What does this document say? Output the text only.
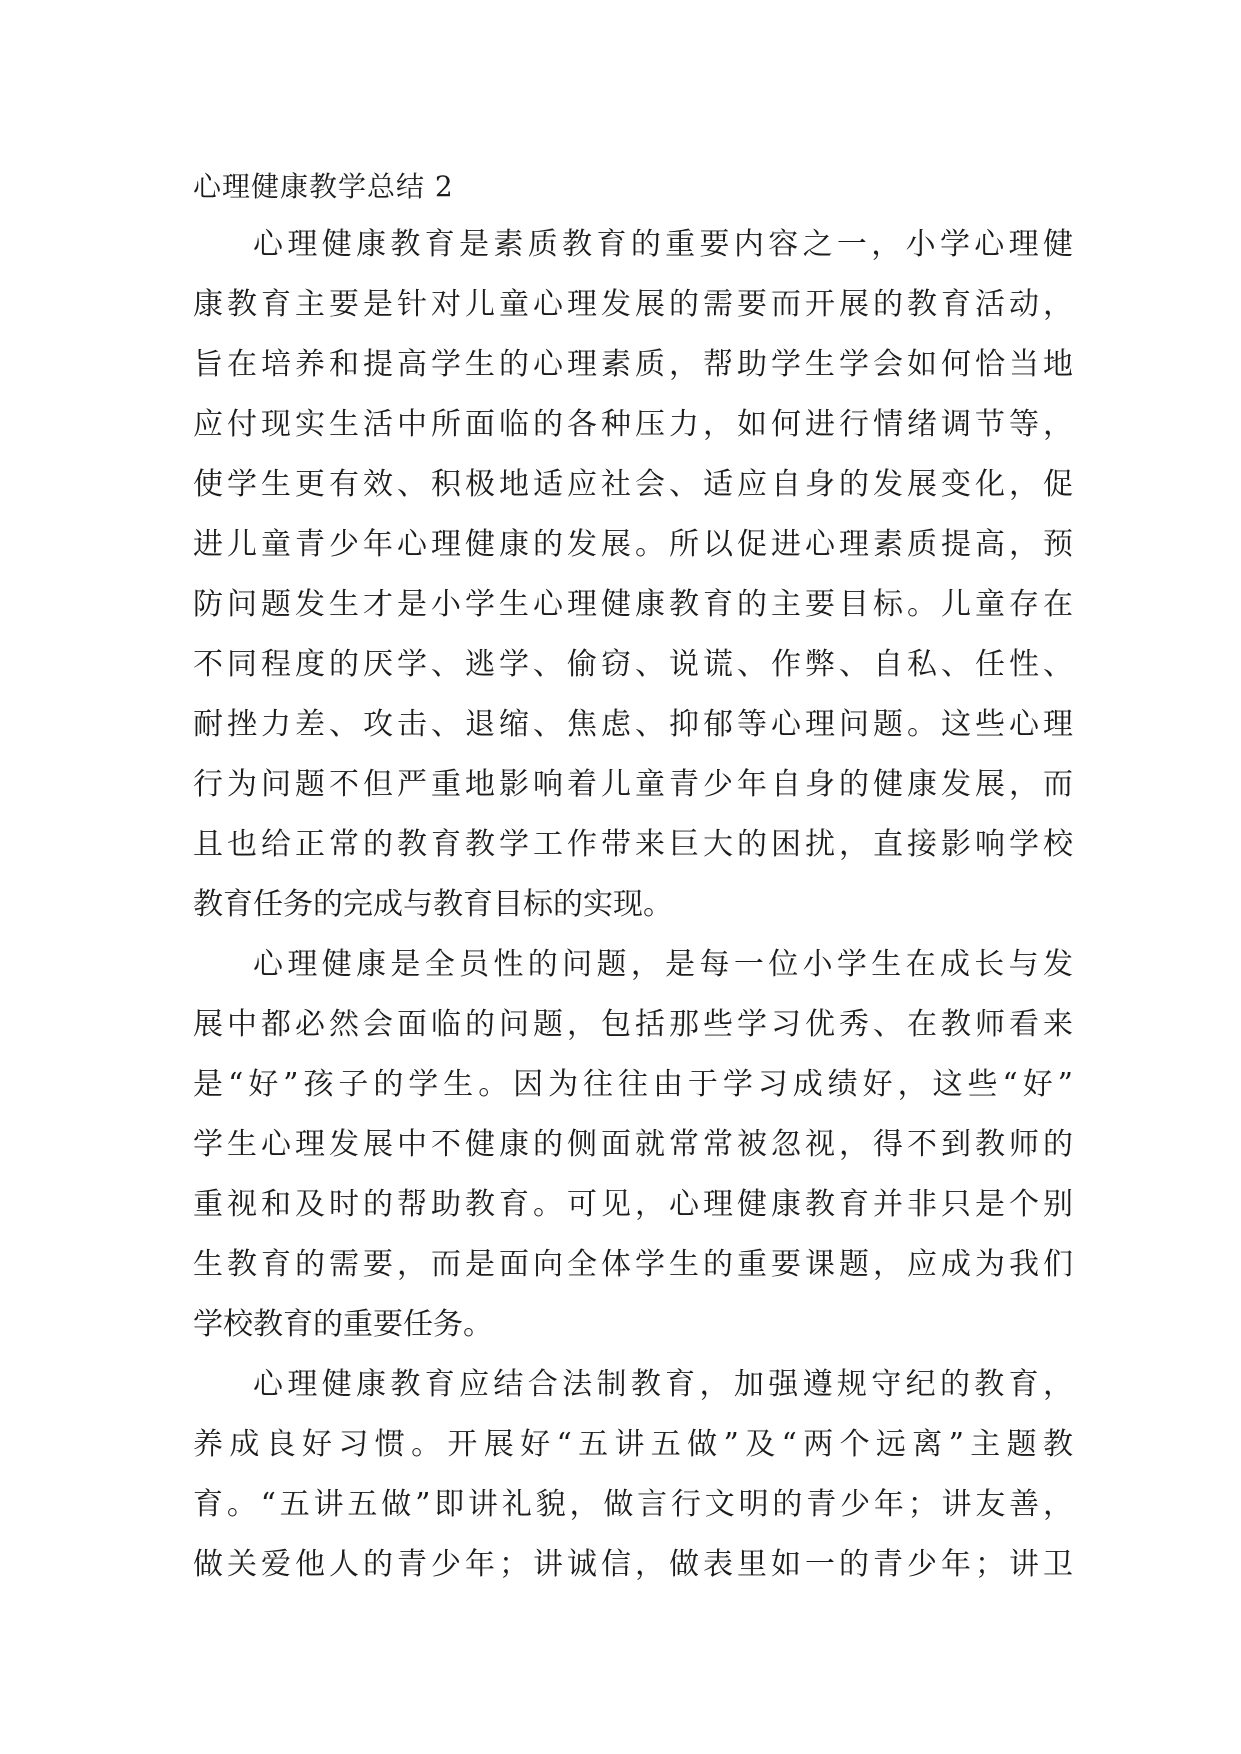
心理健康教学总结 2
心理健康教育是素质教育的重要内容之一，小学心理健
康教育主要是针对儿童心理发展的需要而开展的教育活动，
旨在培养和提高学生的心理素质，帮助学生学会如何恰当地
应付现实生活中所面临的各种压力，如何进行情绪调节等，
使学生更有效、积极地适应社会、适应自身的发展变化，促
进儿童青少年心理健康的发展。所以促进心理素质提高，预
防问题发生才是小学生心理健康教育的主要目标。儿童存在
不同程度的厌学、逃学、偷窃、说谎、作弊、自私、任性、
耐挫力差、攻击、退缩、焦虑、抑郁等心理问题。这些心理
行为问题不但严重地影响着儿童青少年自身的健康发展，而
且也给正常的教育教学工作带来巨大的困扰，直接影响学校
教育任务的完成与教育目标的实现。
心理健康是全员性的问题，是每一位小学生在成长与发
展中都必然会面临的问题，包括那些学习优秀、在教师看来
是“好”孩子的学生。因为往往由于学习成绩好，这些“好”
学生心理发展中不健康的侧面就常常被忽视，得不到教师的
重视和及时的帮助教育。可见，心理健康教育并非只是个别
生教育的需要，而是面向全体学生的重要课题，应成为我们
学校教育的重要任务。
心理健康教育应结合法制教育，加强遵规守纪的教育，
养成良好习惯。开展好“五讲五做”及“两个远离”主题教
育。“五讲五做”即讲礼貌，做言行文明的青少年；讲友善，
做关爱他人的青少年；讲诚信，做表里如一的青少年；讲卫
